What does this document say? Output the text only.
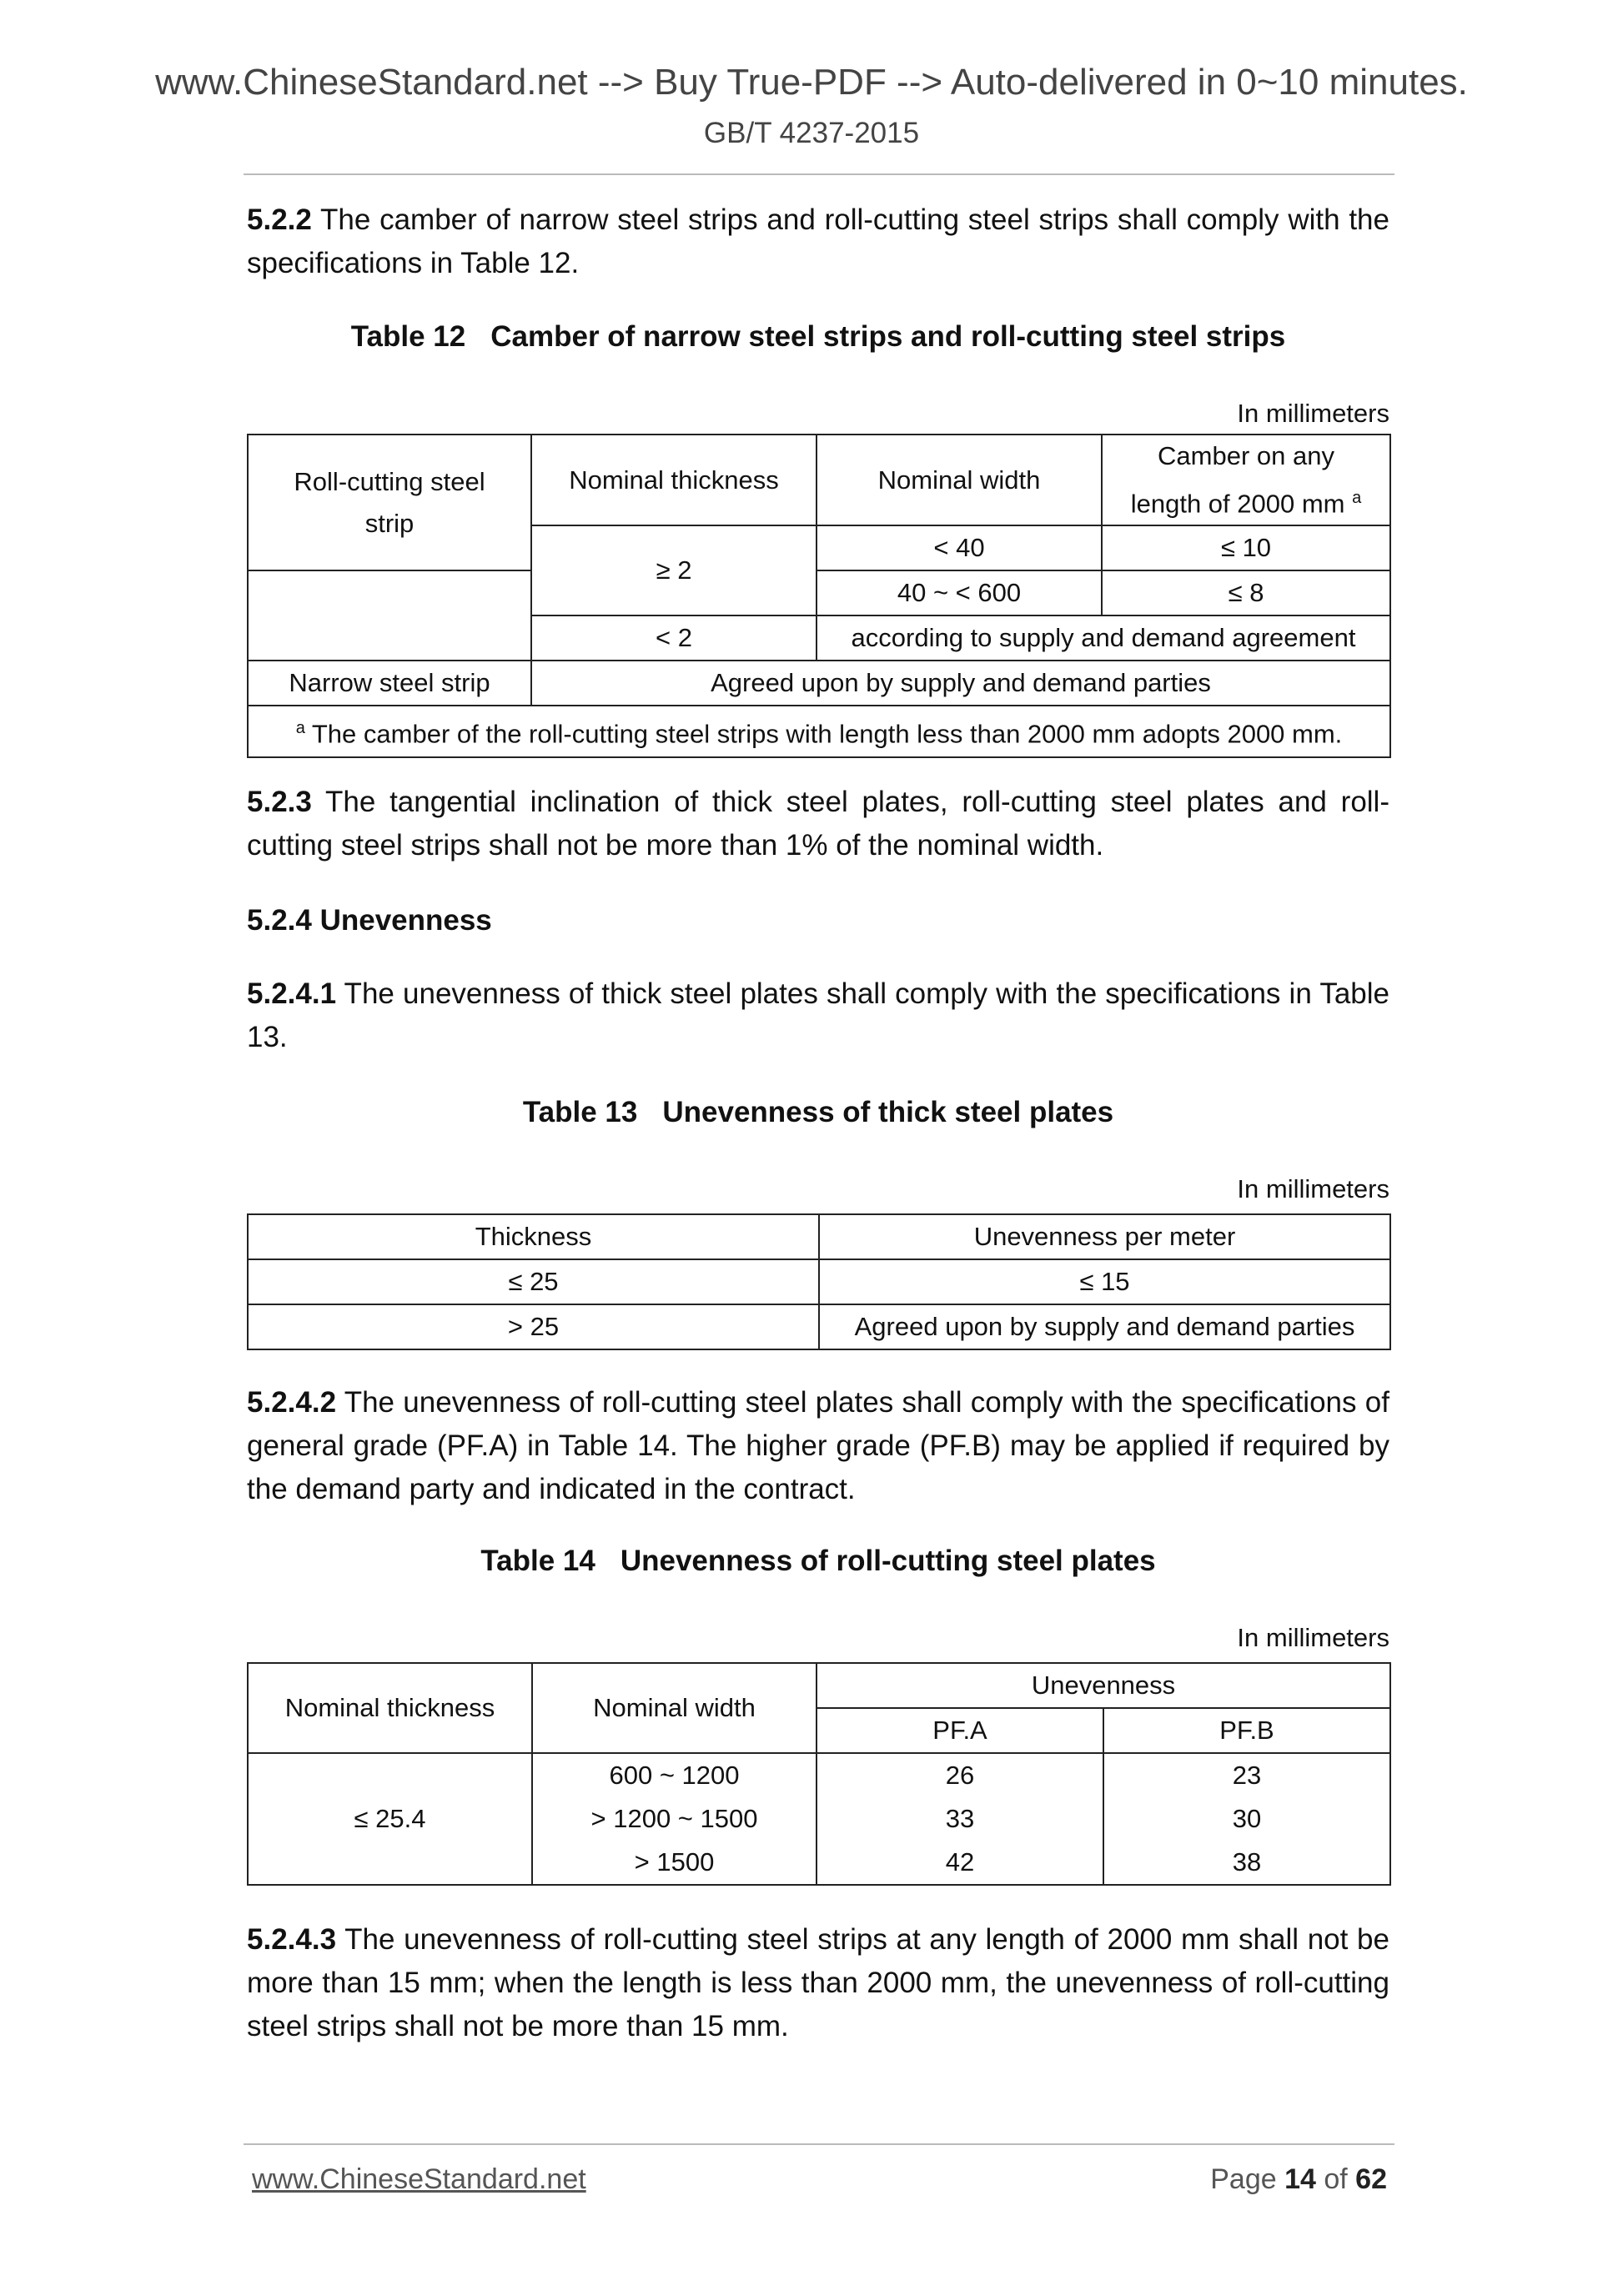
www.ChineseStandard.net --> Buy True-PDF --> Auto-delivered in 0~10 minutes.
GB/T 4237-2015
5.2.2 The camber of narrow steel strips and roll-cutting steel strips shall comply with the specifications in Table 12.
Table 12 Camber of narrow steel strips and roll-cutting steel strips
In millimeters
Roll-cutting steel strip	Nominal thickness	Nominal width	Camber on any length of 2000 mm $^a$

	≥ 2	< 40	≤ 10
		40 ~ < 600	≤ 8
	< 2	according to supply and demand agreement	
Narrow steel strip	Agreed upon by supply and demand parties		
$^a$ The camber of the roll-cutting steel strips with length less than 2000 mm adopts 2000 mm.			
5.2.3 The tangential inclination of thick steel plates, roll-cutting steel plates and roll-cutting steel strips shall not be more than 1% of the nominal width.
5.2.4 Unevenness
5.2.4.1 The unevenness of thick steel plates shall comply with the specifications in Table 13.
Table 13 Unevenness of thick steel plates
In millimeters
Thickness	Unevenness per meter
≤ 25	≤ 15
> 25	Agreed upon by supply and demand parties
5.2.4.2 The unevenness of roll-cutting steel plates shall comply with the specifications of general grade (PF.A) in Table 14. The higher grade (PF.B) may be applied if required by the demand party and indicated in the contract.
Table 14 Unevenness of roll-cutting steel plates
In millimeters
Nominal thickness	Nominal width	Unevenness	
		PF.A	PF.B
≤ 25.4	600 ~ 1200	26	23
	> 1200 ~ 1500	33	30
	> 1500	42	38
5.2.4.3 The unevenness of roll-cutting steel strips at any length of 2000 mm shall not be more than 15 mm; when the length is less than 2000 mm, the unevenness of roll-cutting steel strips shall not be more than 15 mm.
www.ChineseStandard.net	Page 14 of 62
